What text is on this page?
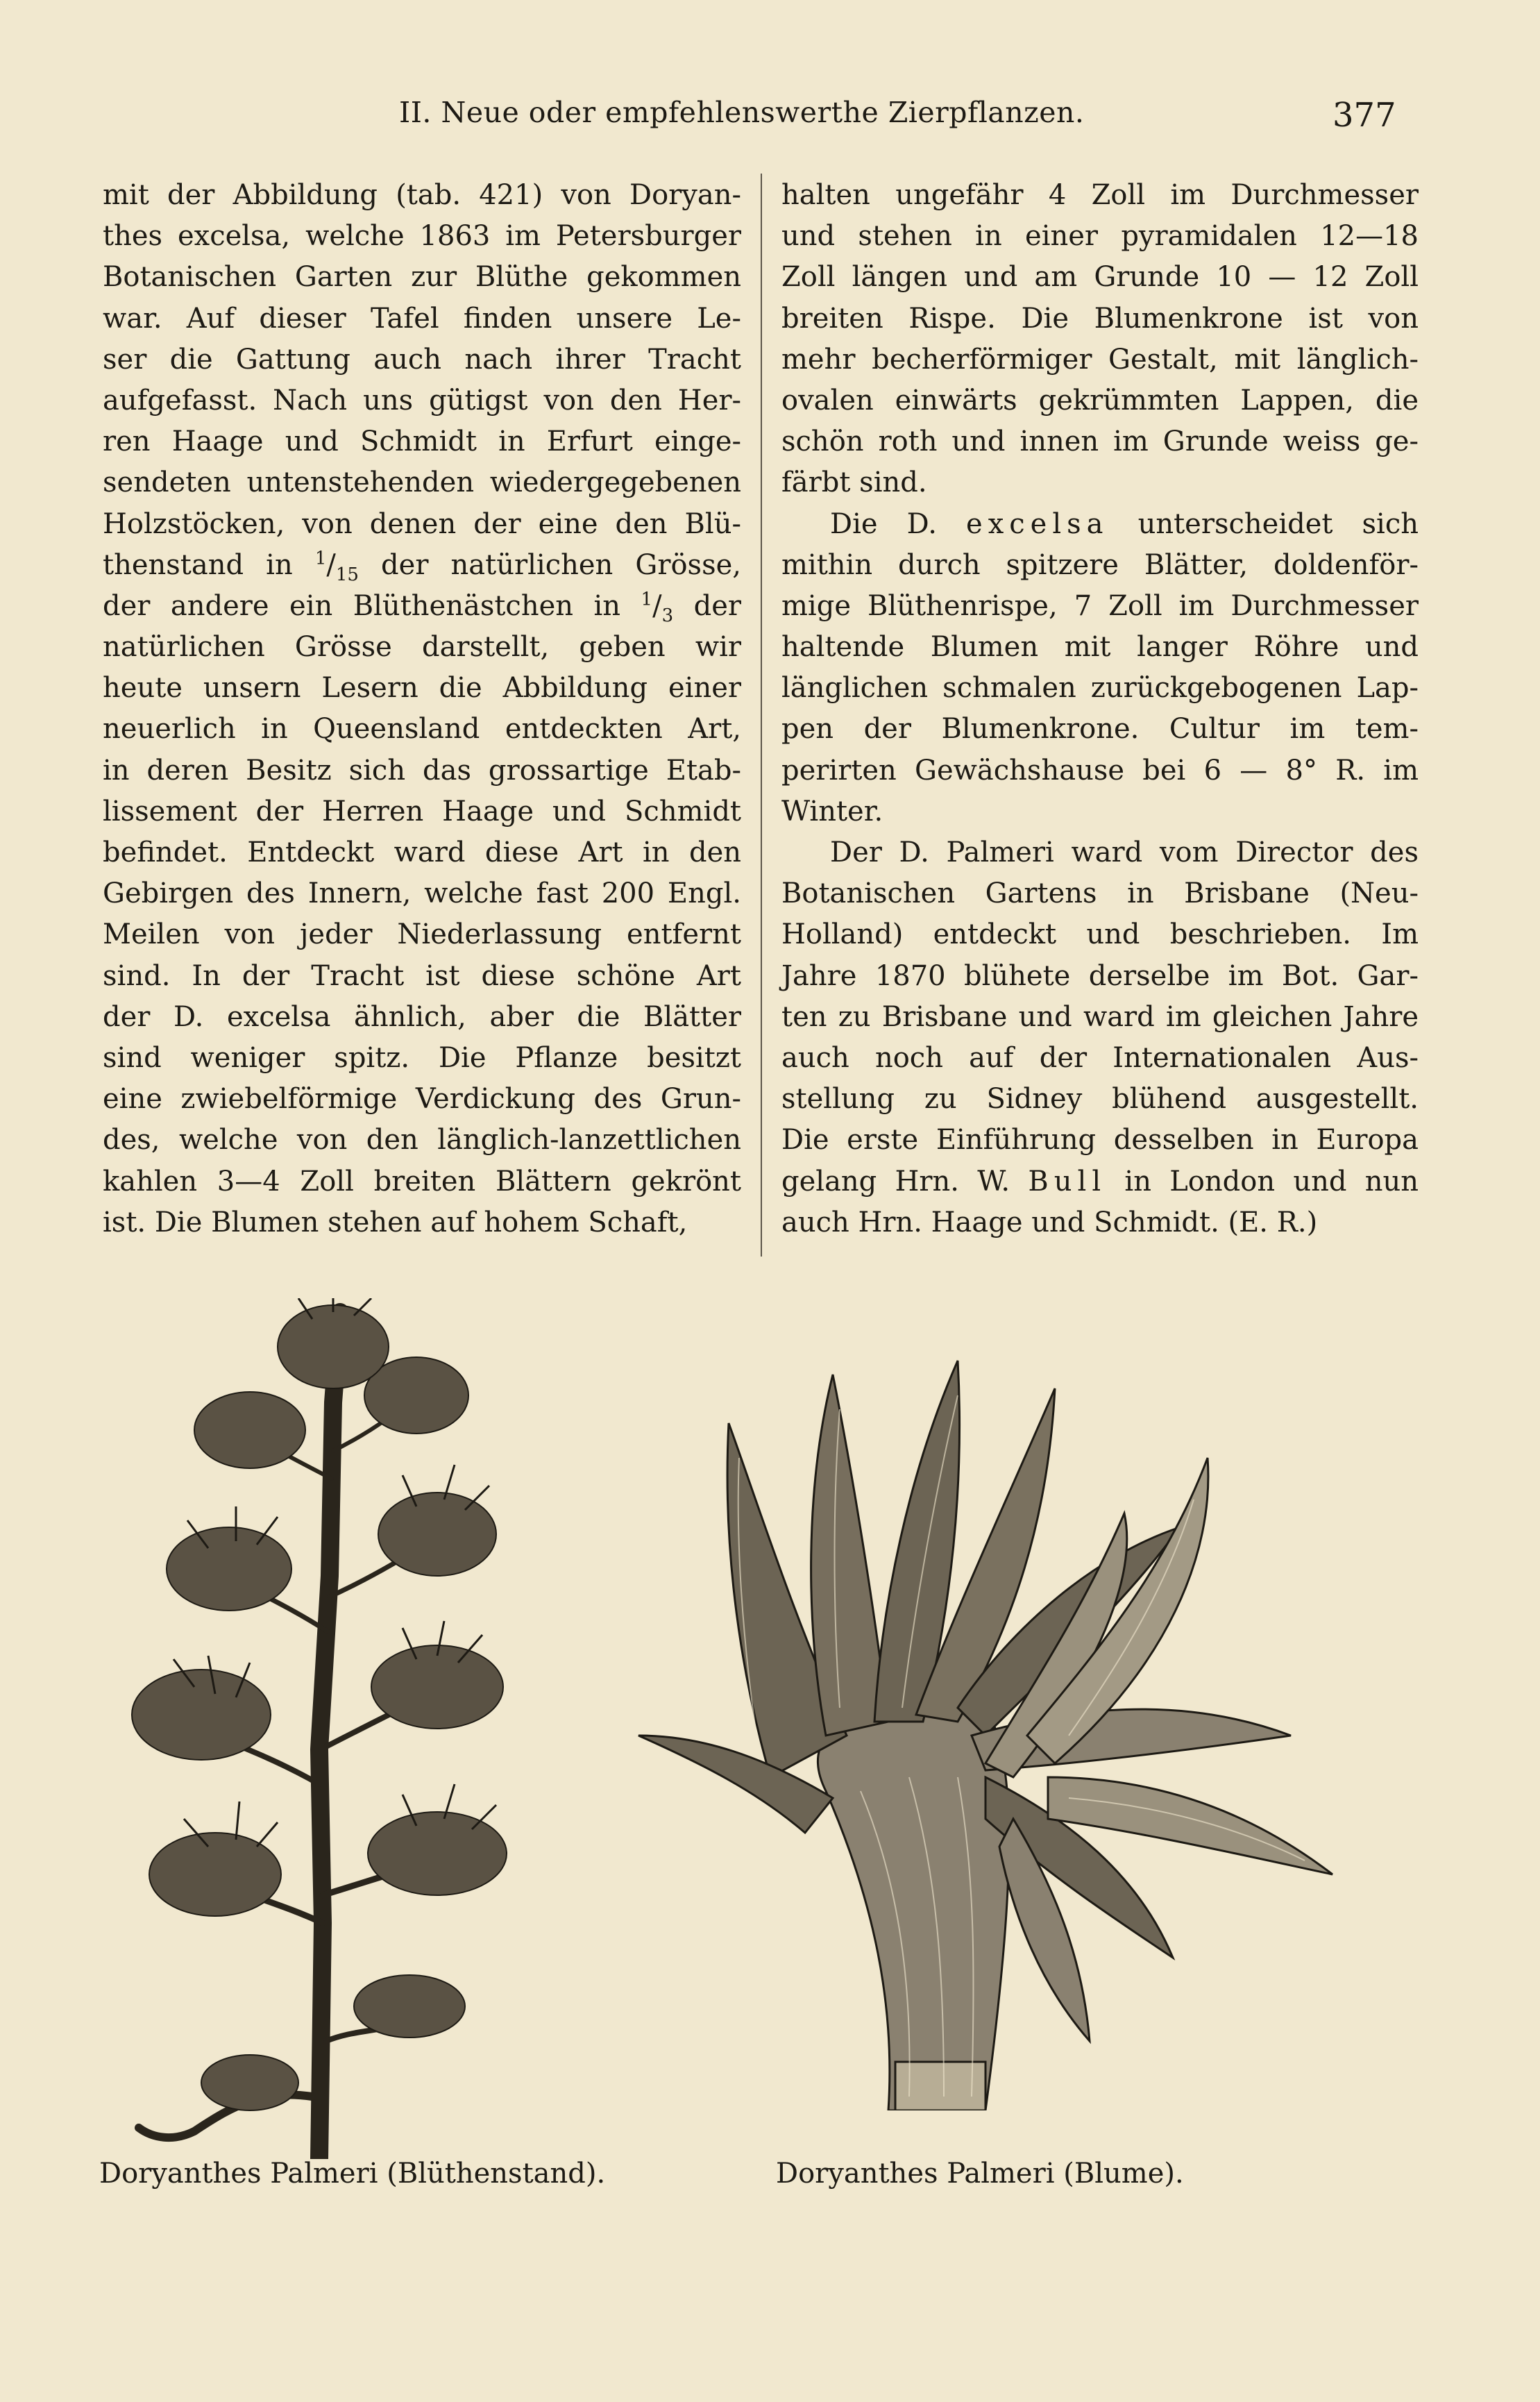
II. Neue oder empfehlenswerthe Zierpflanzen.	377
mit der Abbildung (tab. 421) von Doryan-
thes excelsa, welche 1863 im Petersburger
Botanischen Garten zur Blüthe gekommen
war. Auf dieser Tafel finden unsere Le-
ser die Gattung auch nach ihrer Tracht
aufgefasst. Nach uns gütigst von den Her-
ren Haage und Schmidt in Erfurt einge-
sendeten untenstehenden wiedergegebenen
Holzstöcken, von denen der eine den Blü-
thenstand in $^1/_{15}$ der natürlichen Grösse,
der andere ein Blüthenästchen in $^1/_3$ der
natürlichen Grösse darstellt, geben wir
heute unsern Lesern die Abbildung einer
neuerlich in Queensland entdeckten Art,
in deren Besitz sich das grossartige Etab-
lissement der Herren Haage und Schmidt
befindet. Entdeckt ward diese Art in den
Gebirgen des Innern, welche fast 200 Engl.
Meilen von jeder Niederlassung entfernt
sind. In der Tracht ist diese schöne Art
der D. excelsa ähnlich, aber die Blätter
sind weniger spitz. Die Pflanze besitzt
eine zwiebelförmige Verdickung des Grun-
des, welche von den länglich-lanzettlichen
kahlen 3—4 Zoll breiten Blättern gekrönt
ist. Die Blumen stehen auf hohem Schaft,
halten ungefähr 4 Zoll im Durchmesser
und stehen in einer pyramidalen 12—18
Zoll längen und am Grunde 10 — 12 Zoll
breiten Rispe. Die Blumenkrone ist von
mehr becherförmiger Gestalt, mit länglich-
ovalen einwärts gekrümmten Lappen, die
schön roth und innen im Grunde weiss ge-
färbt sind.
Die D. excelsa unterscheidet sich
mithin durch spitzere Blätter, doldenför-
mige Blüthenrispe, 7 Zoll im Durchmesser
haltende Blumen mit langer Röhre und
länglichen schmalen zurückgebogenen Lap-
pen der Blumenkrone. Cultur im tem-
perirten Gewächshause bei 6 — 8° R. im
Winter.
Der D. Palmeri ward vom Director des
Botanischen Gartens in Brisbane (Neu-
Holland) entdeckt und beschrieben. Im
Jahre 1870 blühete derselbe im Bot. Gar-
ten zu Brisbane und ward im gleichen Jahre
auch noch auf der Internationalen Aus-
stellung zu Sidney blühend ausgestellt.
Die erste Einführung desselben in Europa
gelang Hrn. W. Bull in London und nun
auch Hrn. Haage und Schmidt. (E. R.)
Doryanthes Palmeri (Blüthenstand).	Doryanthes Palmeri (Blume).
